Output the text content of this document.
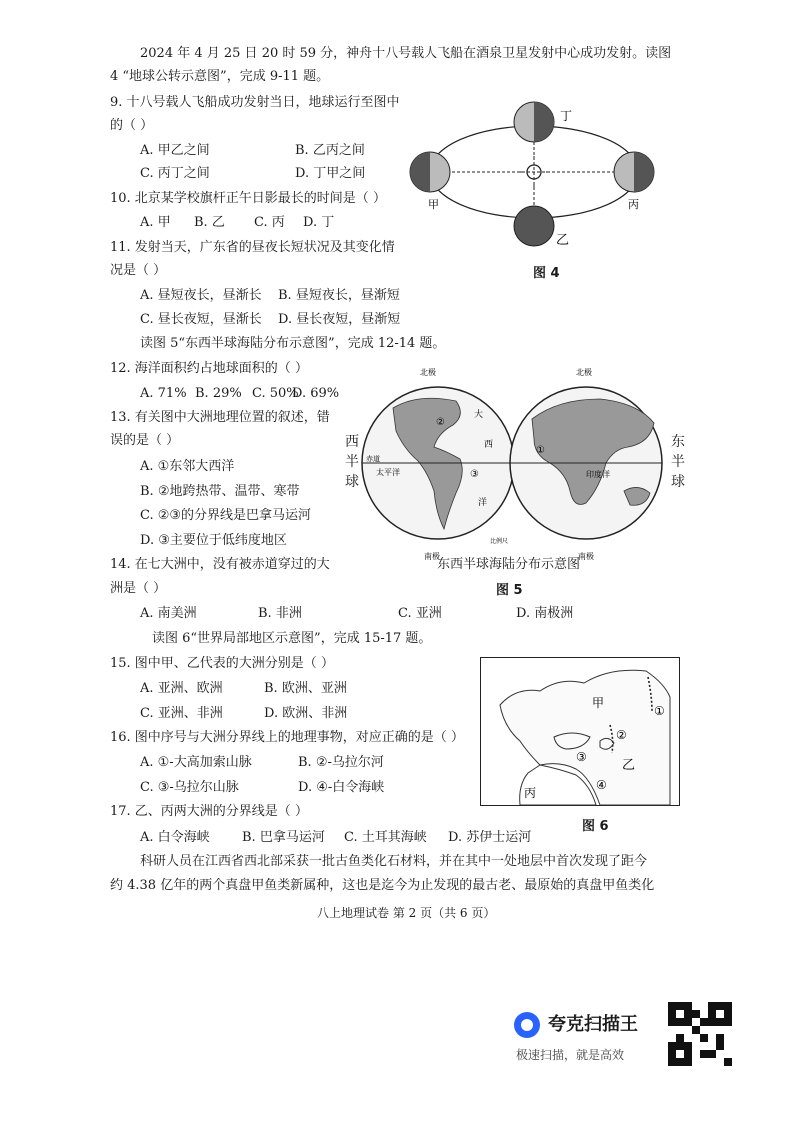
2024 年 4 月 25 日 20 时 59 分，神舟十八号载人飞船在酒泉卫星发射中心成功发射。读图
4 “地球公转示意图”，完成 9-11 题。
9. 十八号载人飞船成功发射当日，地球运行至图中
的（ ）
A. 甲乙之间	B. 乙丙之间
C. 丙丁之间	D. 丁甲之间
10. 北京某学校旗杆正午日影最长的时间是（ ）
A. 甲 B. 乙 C. 丙 D. 丁
11. 发射当天，广东省的昼夜长短状况及其变化情
况是（ ）
A. 昼短夜长，昼渐长 B. 昼短夜长，昼渐短
C. 昼长夜短，昼渐长 D. 昼长夜短，昼渐短
读图 5“东西半球海陆分布示意图”，完成 12-14 题。
12. 海洋面积约占地球面积的（ ）
A. 71% B. 29% C. 50%
D. 69%
13. 有关图中大洲地理位置的叙述，错
误的是（ ）
A. ①东邻大西洋
B. ②地跨热带、温带、寒带
C. ②③的分界线是巴拿马运河
D. ③主要位于低纬度地区
14. 在七大洲中，没有被赤道穿过的大
洲是（ ）
A. 南美洲	B. 非洲	C. 亚洲	D. 南极洲
读图 6“世界局部地区示意图”，完成 15-17 题。
15. 图中甲、乙代表的大洲分别是（ ）
A. 亚洲、欧洲	B. 欧洲、亚洲
C. 亚洲、非洲	D. 欧洲、非洲
16. 图中序号与大洲分界线上的地理事物，对应正确的是（ ）
A. ①-大高加索山脉	B. ②-乌拉尔河
C. ③-乌拉尔山脉	D. ④-白令海峡
17. 乙、丙两大洲的分界线是（ ）
A. 白令海峡 B. 巴拿马运河 C. 土耳其海峡 D. 苏伊士运河
科研人员在江西省西北部采获一批古鱼类化石材料，并在其中一处地层中首次发现了距今
约 4.38 亿年的两个真盘甲鱼类新属种，这也是迄今为止发现的最古老、最原始的真盘甲鱼类化
八上地理试卷 第 2 页（共 6 页）
丁
甲	丙
乙
图 4
北极	北极
南极	南极
②
①
③
大
西
洋
赤道
太平洋	印度洋
比例尺
西半球
东半球
东西半球海陆分布示意图
图 5
甲
乙
丙
①
②
③
④
图 6
夸克扫描王
极速扫描，就是高效
